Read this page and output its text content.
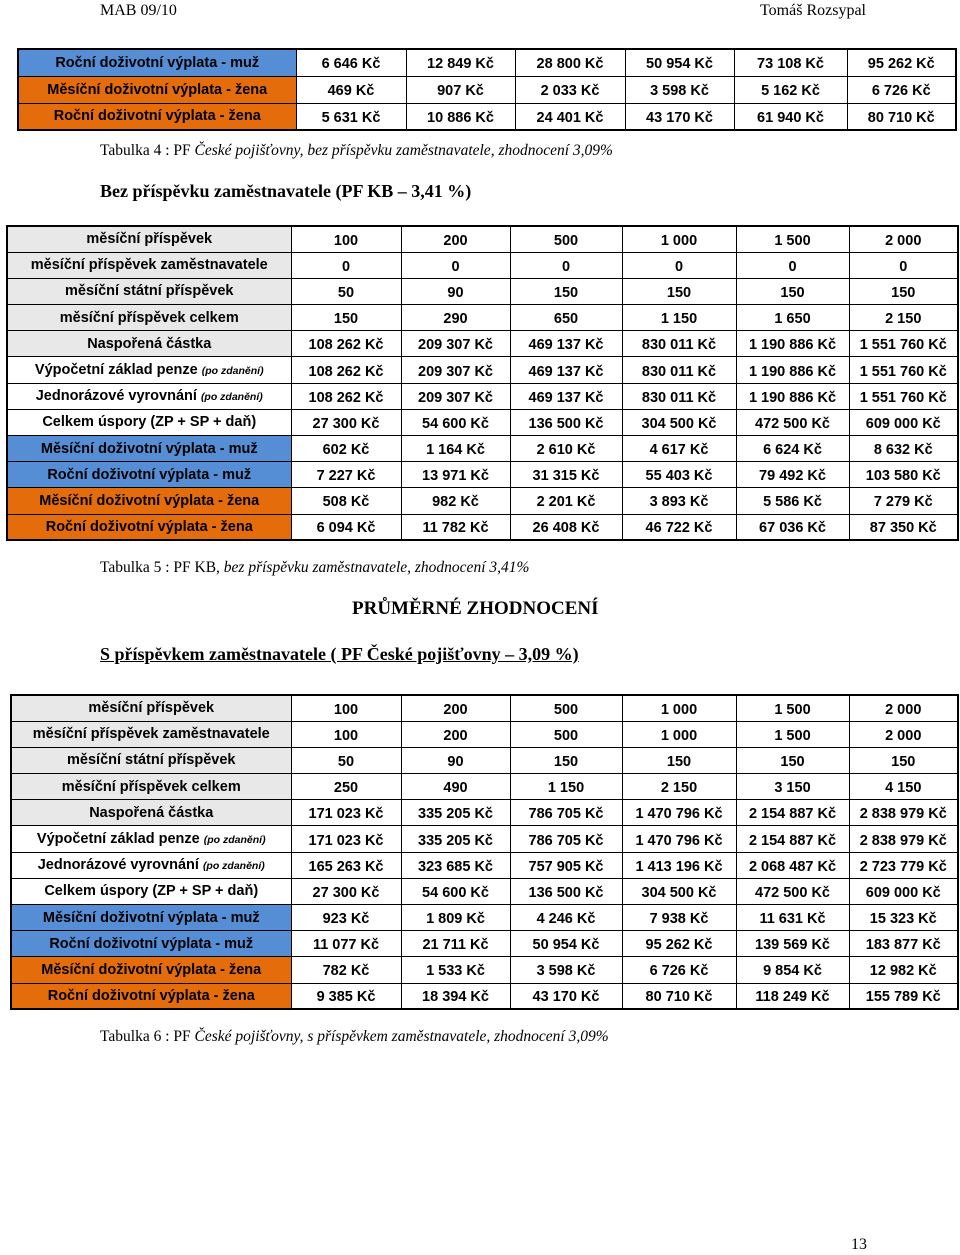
MAB 09/10	Tomáš Rozsypal
Roční doživotní výplata - muž	6 646 Kč	12 849 Kč	28 800 Kč	50 954 Kč	73 108 Kč	95 262 Kč
Měsíční doživotní výplata - žena	469 Kč	907 Kč	2 033 Kč	3 598 Kč	5 162 Kč	6 726 Kč
Roční doživotní výplata - žena	5 631 Kč	10 886 Kč	24 401 Kč	43 170 Kč	61 940 Kč	80 710 Kč
Tabulka 4 : PF České pojišťovny, bez příspěvku zaměstnavatele, zhodnocení 3,09%
Bez příspěvku zaměstnavatele (PF KB – 3,41 %)
měsíční příspěvek	100	200	500	1 000	1 500	2 000
měsíční příspěvek zaměstnavatele	0	0	0	0	0	0
měsíční státní příspěvek	50	90	150	150	150	150
měsíční příspěvek celkem	150	290	650	1 150	1 650	2 150
Naspořená částka	108 262 Kč	209 307 Kč	469 137 Kč	830 011 Kč	1 190 886 Kč	1 551 760 Kč
Výpočetní základ penze (po zdanění)	108 262 Kč	209 307 Kč	469 137 Kč	830 011 Kč	1 190 886 Kč	1 551 760 Kč
Jednorázové vyrovnání (po zdanění)	108 262 Kč	209 307 Kč	469 137 Kč	830 011 Kč	1 190 886 Kč	1 551 760 Kč
Celkem úspory (ZP + SP + daň)	27 300 Kč	54 600 Kč	136 500 Kč	304 500 Kč	472 500 Kč	609 000 Kč
Měsíční doživotní výplata - muž	602 Kč	1 164 Kč	2 610 Kč	4 617 Kč	6 624 Kč	8 632 Kč
Roční doživotní výplata - muž	7 227 Kč	13 971 Kč	31 315 Kč	55 403 Kč	79 492 Kč	103 580 Kč
Měsíční doživotní výplata - žena	508 Kč	982 Kč	2 201 Kč	3 893 Kč	5 586 Kč	7 279 Kč
Roční doživotní výplata - žena	6 094 Kč	11 782 Kč	26 408 Kč	46 722 Kč	67 036 Kč	87 350 Kč
Tabulka 5 : PF KB, bez příspěvku zaměstnavatele, zhodnocení 3,41%
PRŮMĚRNÉ ZHODNOCENÍ
S příspěvkem zaměstnavatele ( PF České pojišťovny – 3,09 %)
měsíční příspěvek	100	200	500	1 000	1 500	2 000
měsíční příspěvek zaměstnavatele	100	200	500	1 000	1 500	2 000
měsíční státní příspěvek	50	90	150	150	150	150
měsíční příspěvek celkem	250	490	1 150	2 150	3 150	4 150
Naspořená částka	171 023 Kč	335 205 Kč	786 705 Kč	1 470 796 Kč	2 154 887 Kč	2 838 979 Kč
Výpočetní základ penze (po zdanění)	171 023 Kč	335 205 Kč	786 705 Kč	1 470 796 Kč	2 154 887 Kč	2 838 979 Kč
Jednorázové vyrovnání (po zdanění)	165 263 Kč	323 685 Kč	757 905 Kč	1 413 196 Kč	2 068 487 Kč	2 723 779 Kč
Celkem úspory (ZP + SP + daň)	27 300 Kč	54 600 Kč	136 500 Kč	304 500 Kč	472 500 Kč	609 000 Kč
Měsíční doživotní výplata - muž	923 Kč	1 809 Kč	4 246 Kč	7 938 Kč	11 631 Kč	15 323 Kč
Roční doživotní výplata - muž	11 077 Kč	21 711 Kč	50 954 Kč	95 262 Kč	139 569 Kč	183 877 Kč
Měsíční doživotní výplata - žena	782 Kč	1 533 Kč	3 598 Kč	6 726 Kč	9 854 Kč	12 982 Kč
Roční doživotní výplata - žena	9 385 Kč	18 394 Kč	43 170 Kč	80 710 Kč	118 249 Kč	155 789 Kč
Tabulka 6 : PF České pojišťovny, s příspěvkem zaměstnavatele, zhodnocení 3,09%
13
